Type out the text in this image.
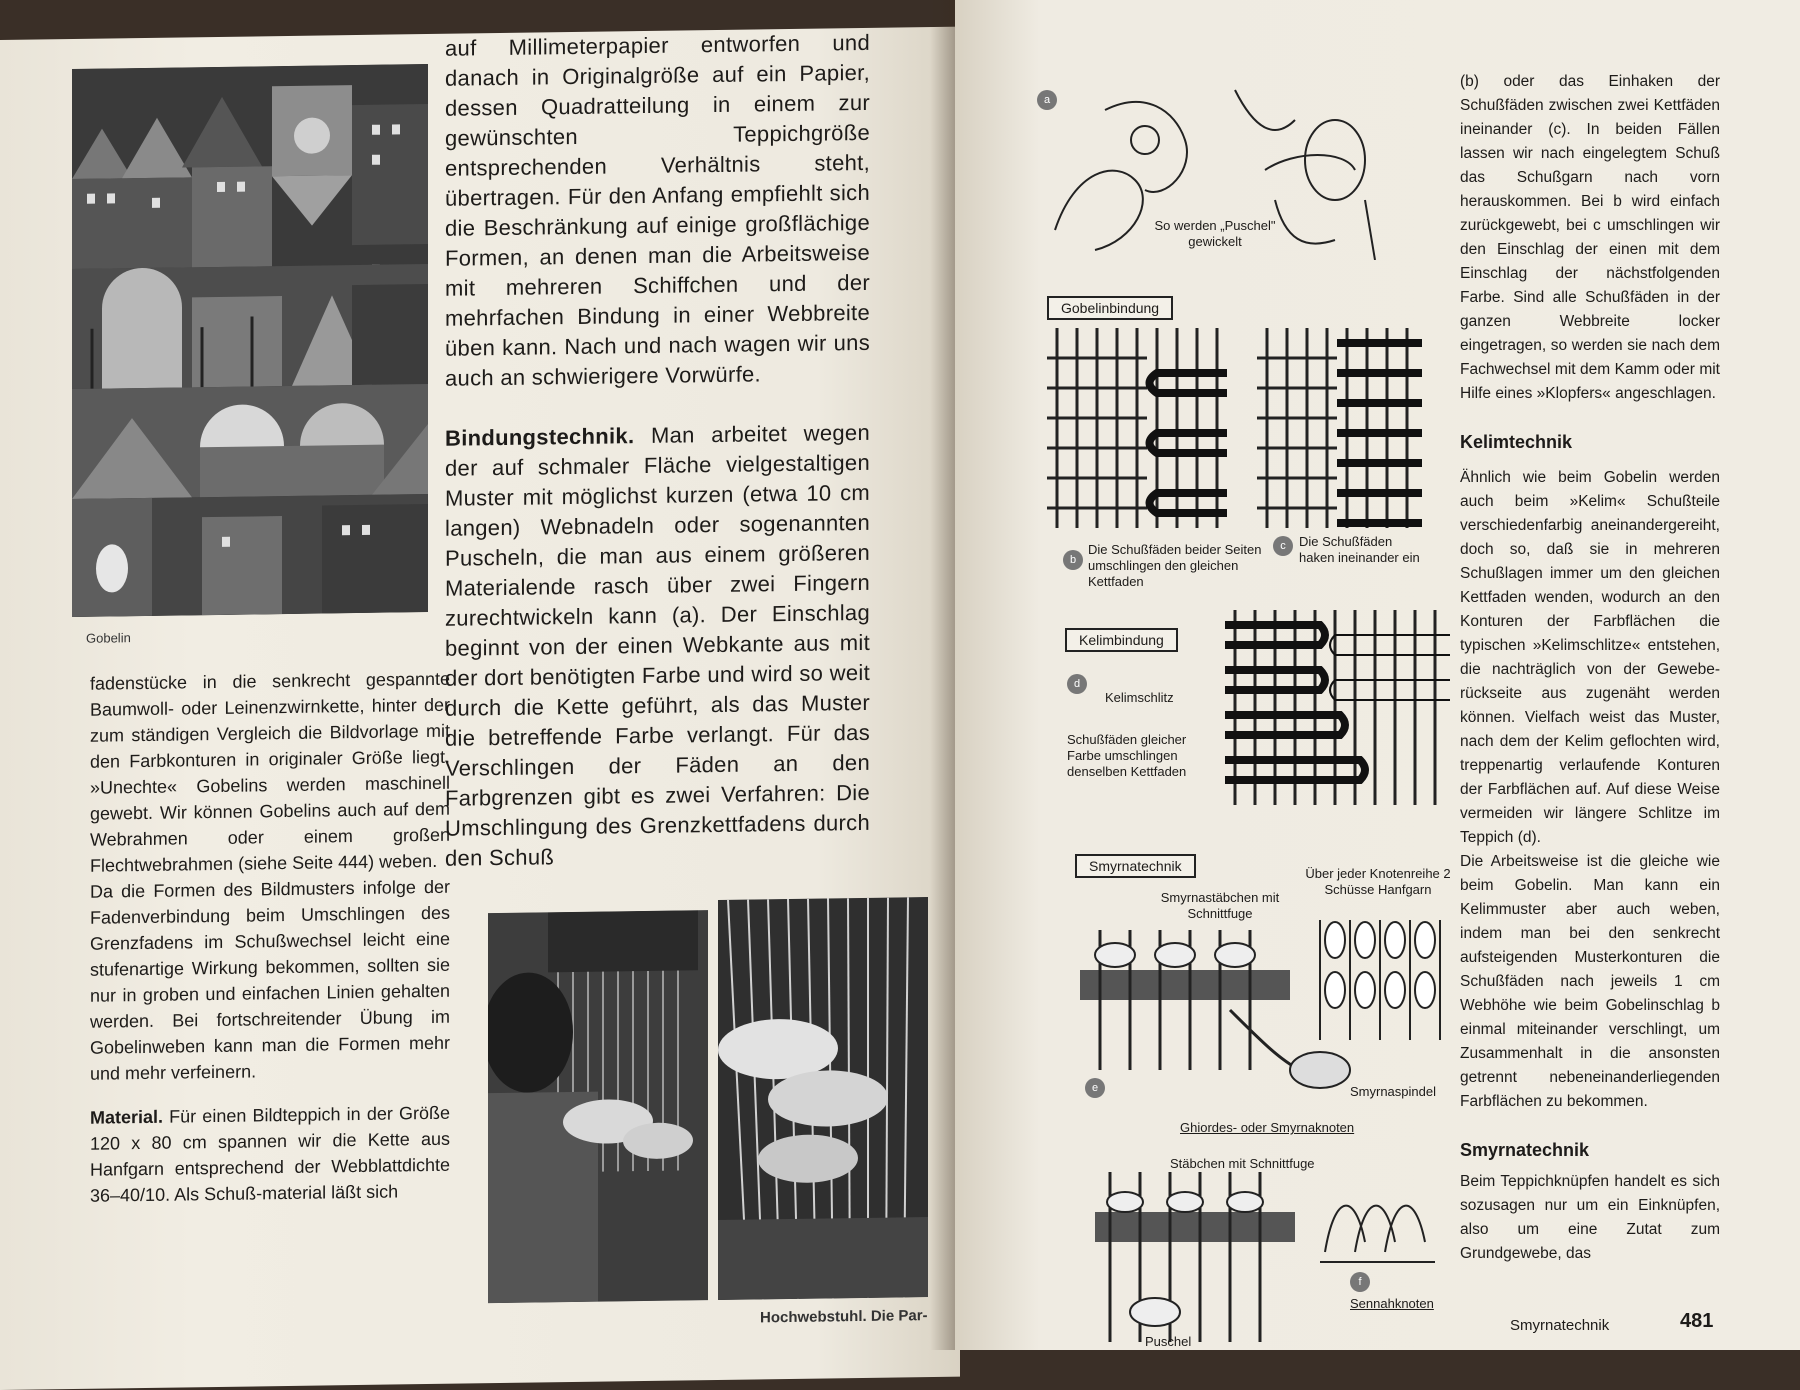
Gobelin

auf Millimeterpapier entworfen und danach in Originalgröße auf ein Papier, dessen Quadratteilung in einem zur gewünschten Teppichgröße entsprechenden Verhältnis steht, übertragen. Für den Anfang empfiehlt sich die Beschränkung auf einige großflächige Formen, an denen man die Arbeitsweise mit mehreren Schiffchen und der mehrfachen Bindung in einer Webbreite üben kann. Nach und nach wagen wir uns auch an schwierigere Vorwürfe.

Bindungstechnik. Man arbeitet wegen der auf schmaler Fläche vielgestaltigen Muster mit möglichst kurzen (etwa 10 cm langen) Webnadeln oder sogenannten Puscheln, die man aus einem größeren Materialende rasch über zwei Fingern zurechtwickeln kann (a). Der Einschlag beginnt von der einen Webkante aus mit der dort benötigten Farbe und wird so weit durch die Kette geführt, als das Muster die betreffende Farbe verlangt. Für das Verschlingen der Fäden an den Farbgrenzen gibt es zwei Verfahren: Die Umschlingung des Grenzkettfadens durch den Schuß

fadenstücke in die senkrecht gespannte Baumwoll- oder Leinenzwirnkette, hinter der zum ständigen Vergleich die Bildvorlage mit den Farbkonturen in originaler Größe liegt. »Unechte« Gobelins werden maschinell gewebt. Wir können Gobelins auch auf dem Webrahmen oder einem großen Flechtwebrahmen (siehe Seite 444) weben.

Da die Formen des Bildmusters infolge der Fadenverbindung beim Umschlingen des Grenzfadens im Schußwechsel leicht eine stufenartige Wirkung bekommen, sollten sie nur in groben und einfachen Linien gehalten werden. Bei fortschreitender Übung im Gobelinweben kann man die Formen mehr und mehr verfeinern.

Material. Für einen Bildteppich in der Größe 120 x 80 cm spannen wir die Kette aus Hanfgarn entsprechend der Webblattdichte 36–40/10. Als Schuß-material läßt sich

Hochwebstuhl. Die Par-
a
So werden „Puschel" gewickelt
Gobelinbindung
b
Die Schußfäden beider Seiten umschlingen den gleichen Kettfaden
c	Die Schußfäden haken ineinander ein
Kelimbindung
d
Kelimschlitz
Schußfäden gleicher Farbe umschlingen denselben Kettfaden
Smyrnatechnik
Smyrnastäbchen mit Schnittfuge
Über jeder Knotenreihe 2 Schüsse Hanfgarn
e	Smyrnaspindel
Ghiordes- oder Smyrnaknoten
Stäbchen mit Schnittfuge
f
Sennahknoten
Puschel

(b) oder das Einhaken der Schußfäden zwischen zwei Kettfäden ineinander (c). In beiden Fällen lassen wir nach eingelegtem Schuß das Schußgarn nach vorn herauskommen. Bei b wird einfach zurückgewebt, bei c umschlingen wir den Einschlag der einen mit dem Einschlag der nächstfolgenden Farbe. Sind alle Schußfäden in der ganzen Webbreite locker eingetragen, so werden sie nach dem Fachwechsel mit dem Kamm oder mit Hilfe eines »Klopfers« angeschlagen.

Kelimtechnik

Ähnlich wie beim Gobelin werden auch beim »Kelim« Schußteile verschiedenfarbig aneinandergereiht, doch so, daß sie in mehreren Schußlagen immer um den gleichen Kettfaden wenden, wodurch an den Konturen der Farbflächen die typischen »Kelimschlitze« entstehen, die nachträglich von der Gewebe-rückseite aus zugenäht werden können. Vielfach weist das Muster, nach dem der Kelim geflochten wird, treppenartig verlaufende Konturen der Farbflächen auf. Auf diese Weise vermeiden wir längere Schlitze im Teppich (d).

Die Arbeitsweise ist die gleiche wie beim Gobelin. Man kann ein Kelimmuster aber auch weben, indem man bei den senkrecht aufsteigenden Musterkonturen die Schußfäden nach jeweils 1 cm Webhöhe wie beim Gobelinschlag b einmal miteinander verschlingt, um Zusammenhalt in die ansonsten getrennt nebeneinanderliegenden Farbflächen zu bekommen.

Smyrnatechnik

Beim Teppichknüpfen handelt es sich sozusagen nur um ein Einknüpfen, also um eine Zutat zum Grundgewebe, das

Smyrnatechnik	481
